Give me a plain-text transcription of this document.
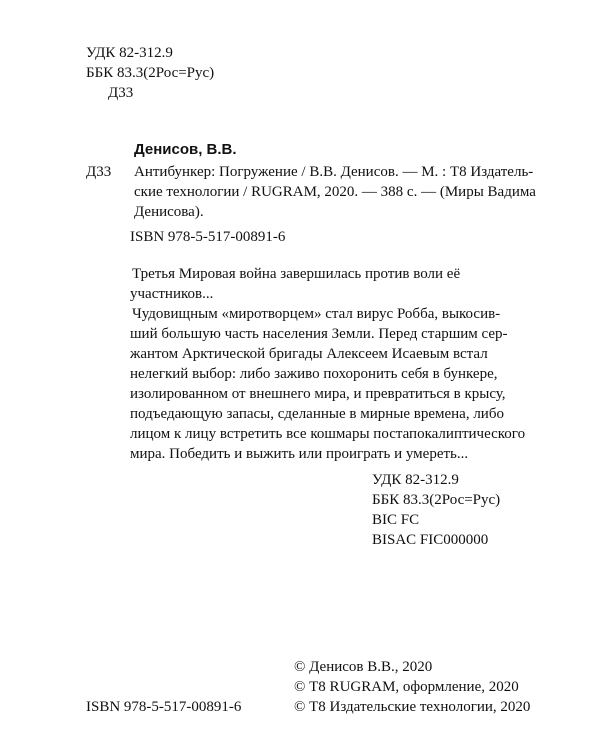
УДК 82-312.9
ББК 83.3(2Рос=Рус)
Д33
Денисов, В.В.
Д33 Антибункер: Погружение / В.В. Денисов. — М. : Т8 Издатель-
ские технологии / RUGRAM, 2020. — 388 с. — (Миры Вадима
Денисова).
ISBN 978-5-517-00891-6
Третья Мировая война завершилась против воли её
участников...
Чудовищным «миротворцем» стал вирус Робба, выкосив-
ший большую часть населения Земли. Перед старшим сер-
жантом Арктической бригады Алексеем Исаевым встал
нелегкий выбор: либо заживо похоронить себя в бункере,
изолированном от внешнего мира, и превратиться в крысу,
подъедающую запасы, сделанные в мирные времена, либо
лицом к лицу встретить все кошмары постапокалиптического
мира. Победить и выжить или проиграть и умереть...
УДК 82-312.9
ББК 83.3(2Рос=Рус)
BIC FC
BISAC FIC000000
© Денисов В.В., 2020
© Т8 RUGRAM, оформление, 2020
© Т8 Издательские технологии, 2020
ISBN 978-5-517-00891-6
